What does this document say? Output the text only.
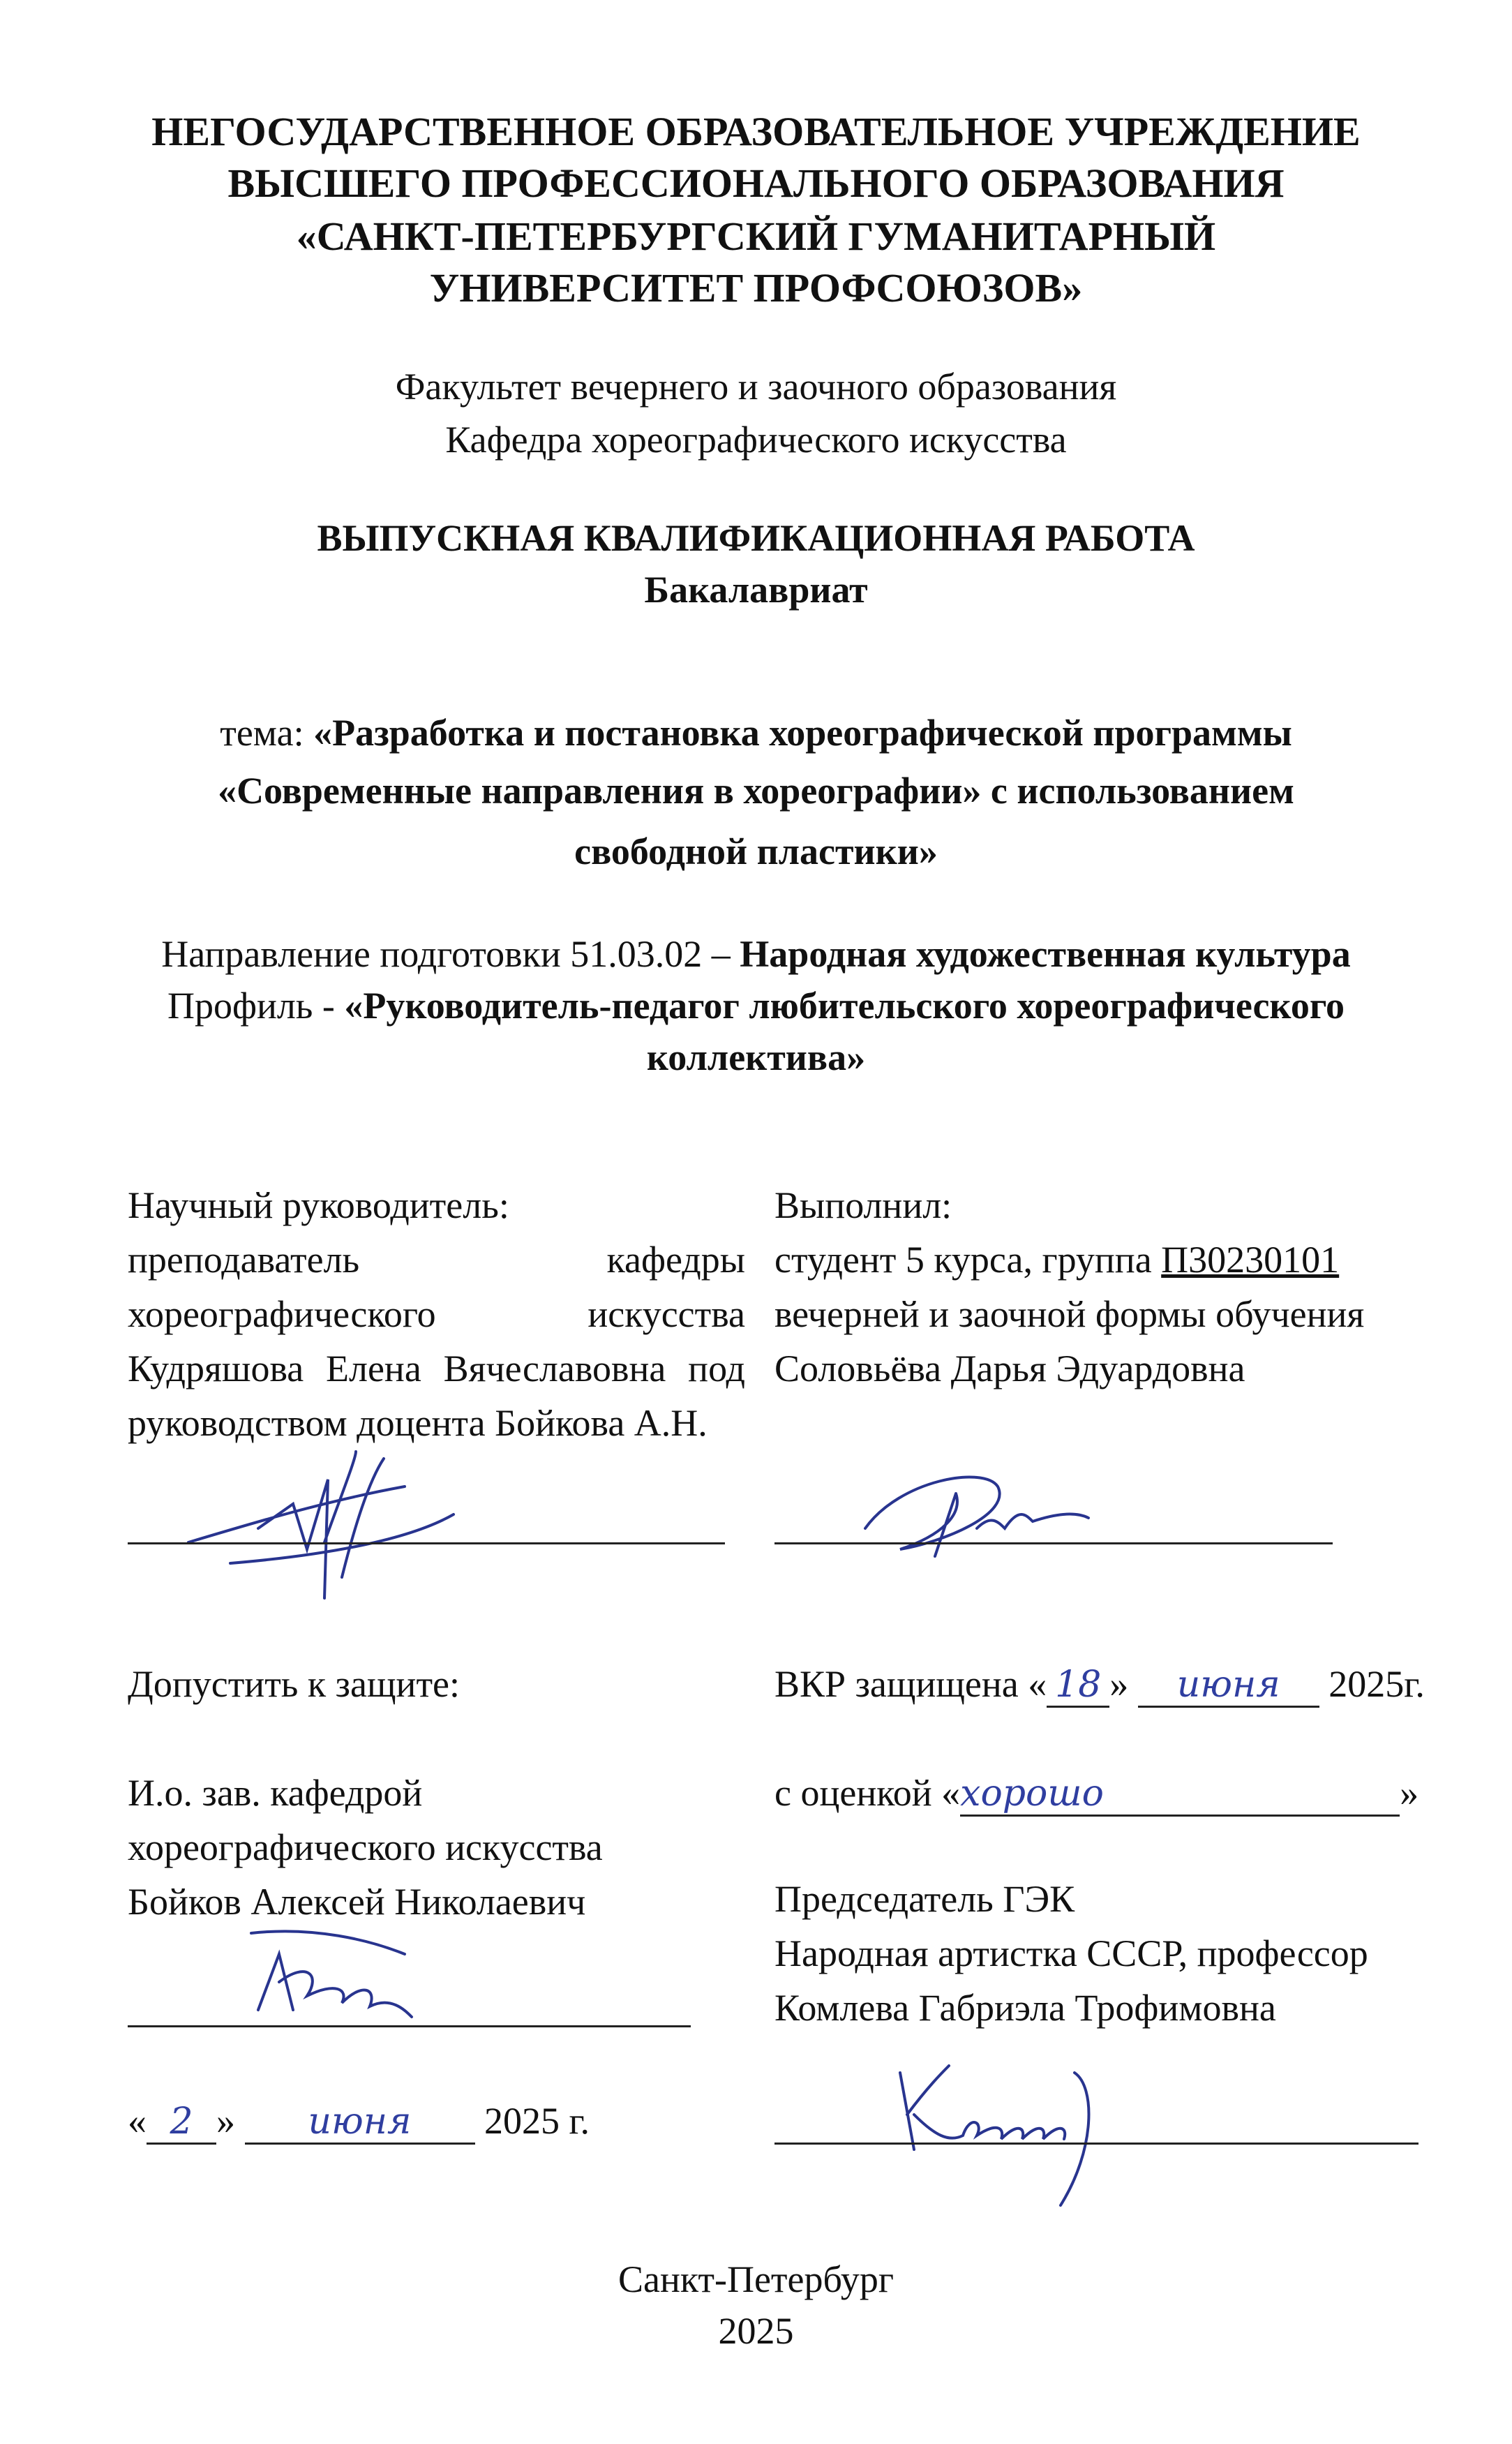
НЕГОСУДАРСТВЕННОЕ ОБРАЗОВАТЕЛЬНОЕ УЧРЕЖДЕНИЕ
ВЫСШЕГО ПРОФЕССИОНАЛЬНОГО ОБРАЗОВАНИЯ
«САНКТ-ПЕТЕРБУРГСКИЙ ГУМАНИТАРНЫЙ
УНИВЕРСИТЕТ ПРОФСОЮЗОВ»
Факультет вечернего и заочного образования
Кафедра хореографического искусства
ВЫПУСКНАЯ КВАЛИФИКАЦИОННАЯ РАБОТА
Бакалавриат
тема: «Разработка и постановка хореографической программы
«Современные направления в хореографии» с использованием
свободной пластики»
Направление подготовки 51.03.02 – Народная художественная культура
Профиль - «Руководитель-педагог любительского хореографического
коллектива»
Научный руководитель:
преподаватель кафедры хореографического искусства Кудряшова Елена Вячеславовна под руководством доцента Бойкова А.Н.
Выполнил:
студент 5 курса, группа П30230101
вечерней и заочной формы обучения
Соловьёва Дарья Эдуардовна
Допустить к защите:
И.о. зав. кафедрой
хореографического искусства
Бойков Алексей Николаевич
« 2 » июня 2025 г.
ВКР защищена « 18 » июня 2025г.
с оценкой «хорошо	»
Председатель ГЭК
Народная артистка СССР, профессор
Комлева Габриэла Трофимовна
Санкт-Петербург
2025
